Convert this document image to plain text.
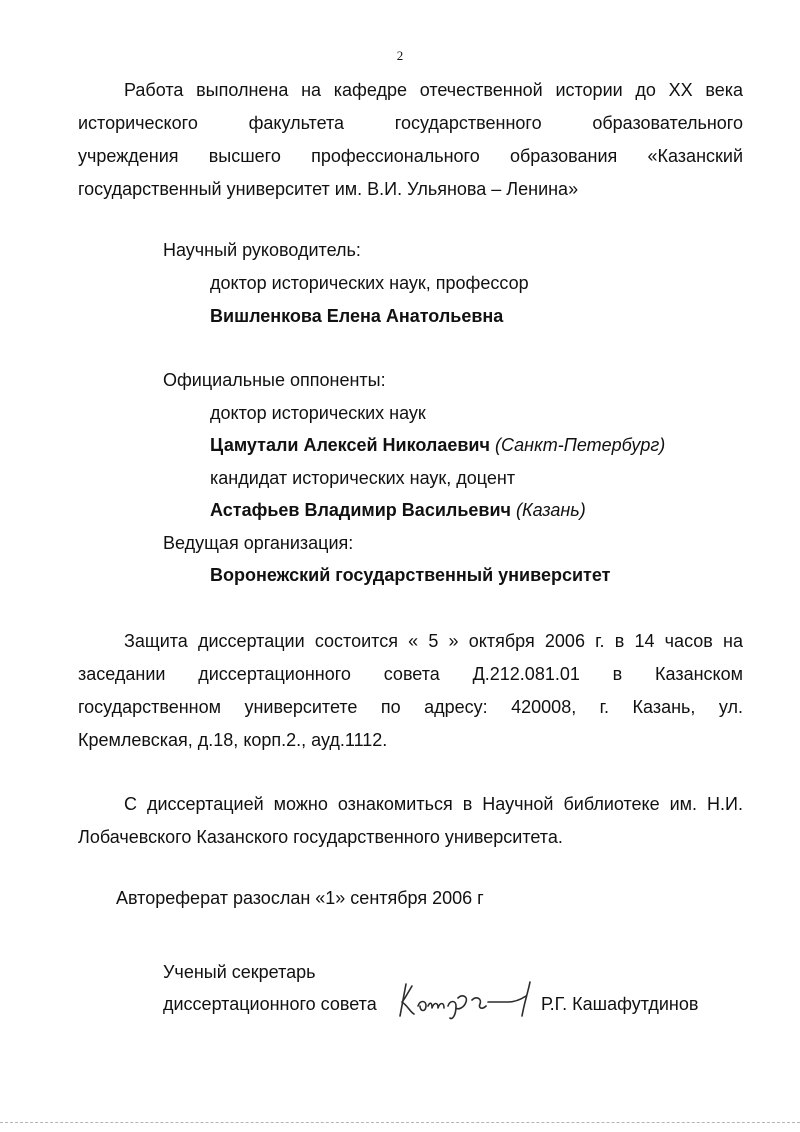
2
Работа выполнена на кафедре отечественной истории до XX века
исторического факультета государственного образовательного
учреждения высшего профессионального образования «Казанский
государственный университет им. В.И. Ульянова – Ленина»
Научный руководитель:
доктор исторических наук, профессор
Вишленкова Елена Анатольевна
Официальные оппоненты:
доктор исторических наук
Цамутали Алексей Николаевич (Санкт-Петербург)
кандидат исторических наук, доцент
Астафьев Владимир Васильевич (Казань)
Ведущая организация:
Воронежский государственный университет
Защита диссертации состоится « 5 » октября 2006 г. в 14 часов на
заседании диссертационного совета Д.212.081.01 в Казанском
государственном университете по адресу: 420008, г. Казань, ул.
Кремлевская, д.18, корп.2., ауд.1112.
С диссертацией можно ознакомиться в Научной библиотеке им. Н.И.
Лобачевского Казанского государственного университета.
Автореферат разослан «1» сентября 2006 г
Ученый секретарь
диссертационного совета	Р.Г. Кашафутдинов
